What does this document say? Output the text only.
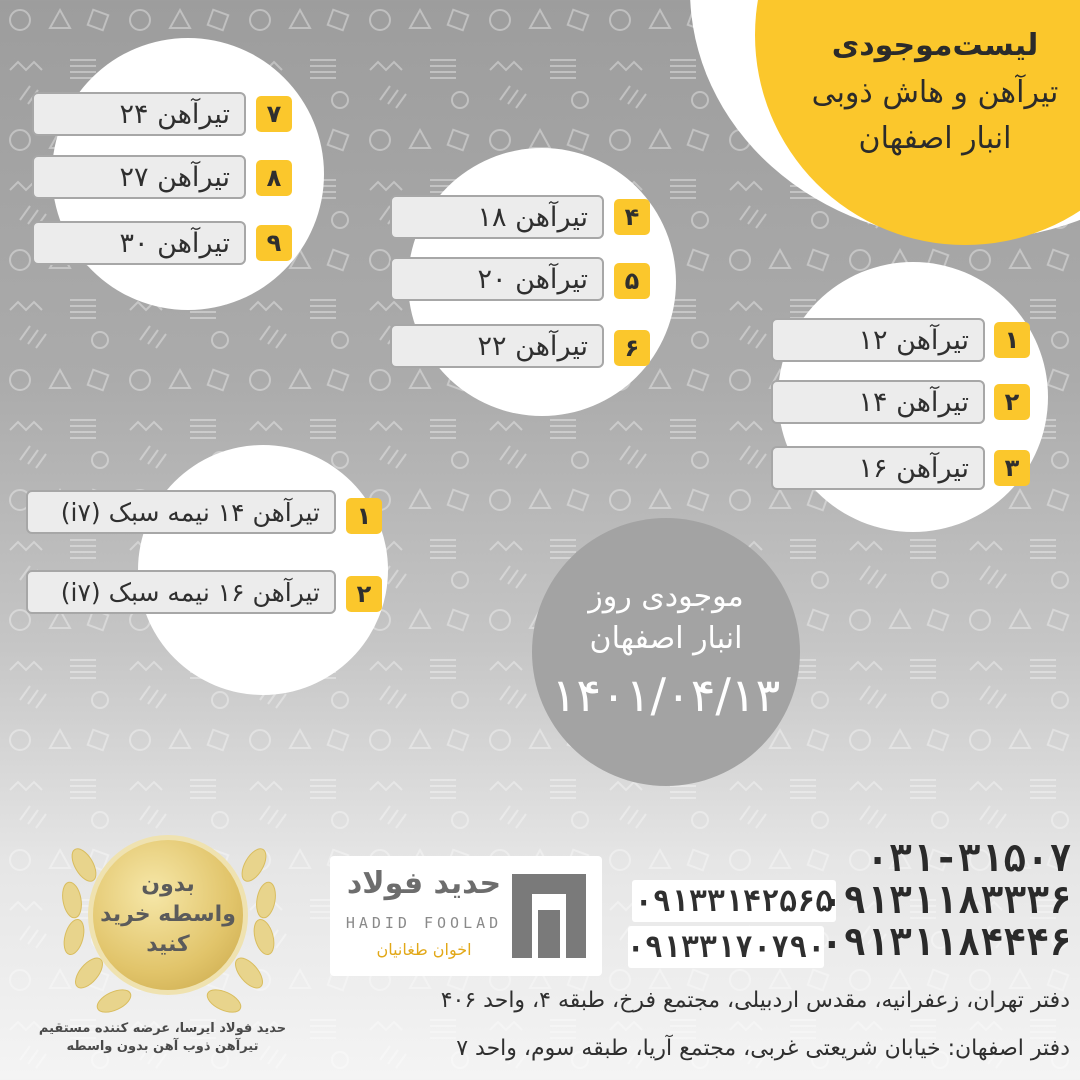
لیست‌موجودی
تیرآهن و هاش ذوبی
انبار اصفهان
تیرآهن ۲۴	۷
تیرآهن ۲۷	۸
تیرآهن ۳۰	۹
تیرآهن ۱۸	۴
تیرآهن ۲۰	۵
تیرآهن ۲۲	۶	تیرآهن ۱۲	۱
تیرآهن ۱۴	۲
تیرآهن ۱۶	۳
تیرآهن ۱۴ نیمه سبک (i۷)	۱
تیرآهن ۱۶ نیمه سبک (i۷)	۲	موجودی روز
انبار اصفهان
۱۴۰۱/۰۴/۱۳
بدون
واسطه خرید
کنید
حدید فولاد ایرسا، عرضه کننده مستقیم
تیرآهن ذوب آهن بدون واسطه
حدید فولاد
HADID FOOLAD
اخوان طغانیان
۰۹۱۳۳۱۴۲۵۶۵
۰۹۱۳۳۱۷۰۷۹۰
۰۳۱-۳۱۵۰۷
۰۹۱۳۱۱۸۳۳۳۶
۰۹۱۳۱۱۸۴۴۴۶
دفتر تهران، زعفرانیه، مقدس اردبیلی، مجتمع فرخ، طبقه ۴، واحد ۴۰۶
دفتر اصفهان: خیابان شریعتی غربی، مجتمع آریا، طبقه سوم، واحد ۷
